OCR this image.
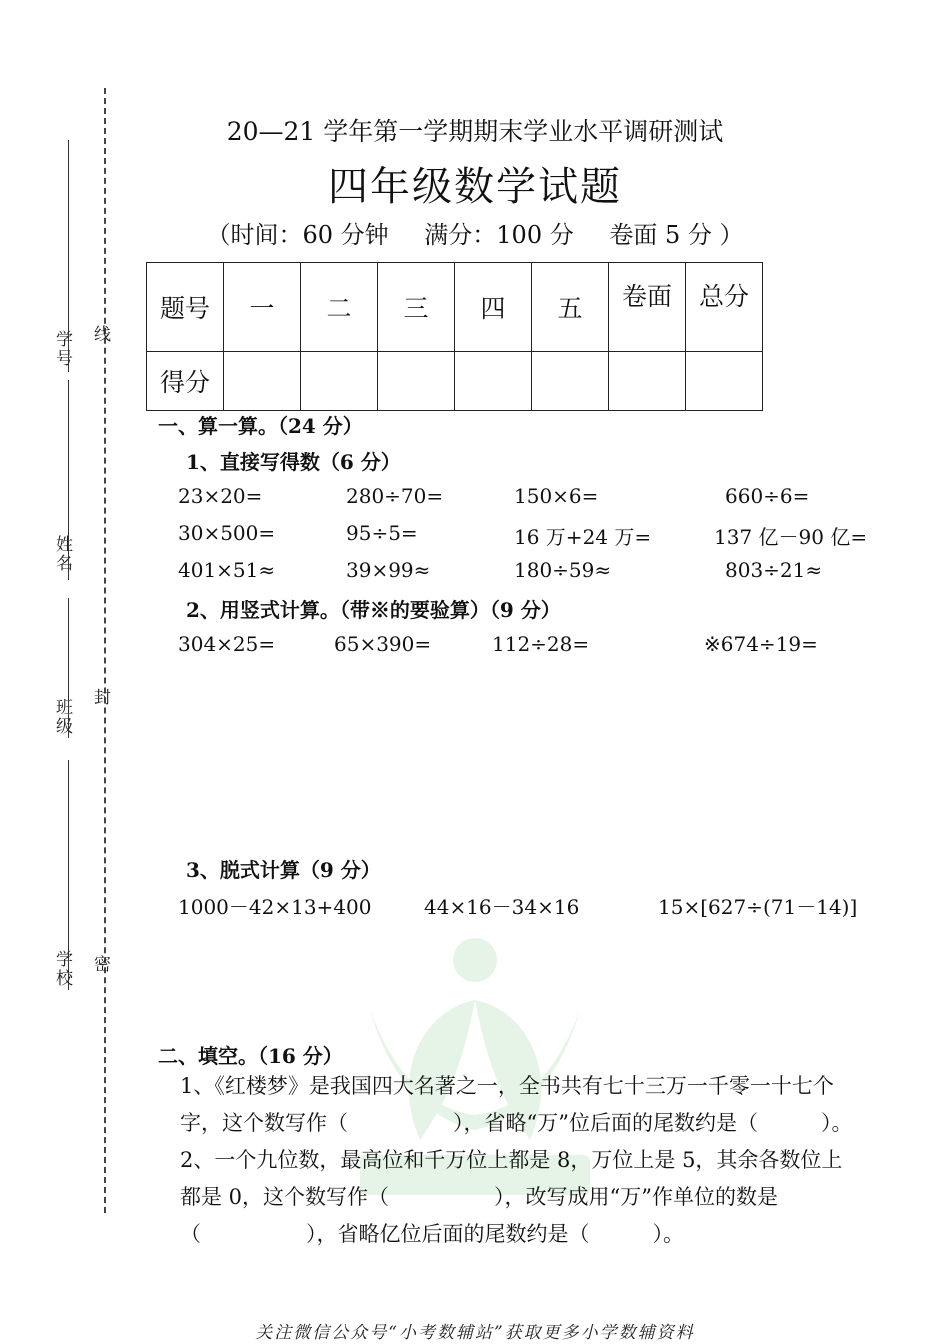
学号
姓名
班级
学校
线
封
密
20—21 学年第一学期期末学业水平调研测试
四年级数学试题
（时间：60 分钟 满分：100 分 卷面 5 分 ）
题号	一	二	三	四	五	卷面	总分
得分							
一、算一算。（24 分）
1、直接写得数（6 分）
23×20=	280÷70=	150×6=	660÷6=
30×500=	95÷5=	16 万+24 万=	137 亿－90 亿=
401×51≈	39×99≈	180÷59≈	803÷21≈
2、用竖式计算。（带※的要验算）（9 分）
304×25=	65×390=	112÷28=	※674÷19=
3、脱式计算（9 分）
1000－42×13+400	44×16－34×16	15×[627÷(71－14)]
二、填空。（16 分）
1、《红楼梦》是我国四大名著之一，全书共有七十三万一千零一十七个
字，这个数写作（　　　　　），省略“万”位后面的尾数约是（　　　）。
2、一个九位数，最高位和千万位上都是 8，万位上是 5，其余各数位上
都是 0，这个数写作（　　　　　），改写成用“万”作单位的数是
（　　　　　），省略亿位后面的尾数约是（　　　）。
关注微信公众号“小考数辅站”获取更多小学数辅资料
